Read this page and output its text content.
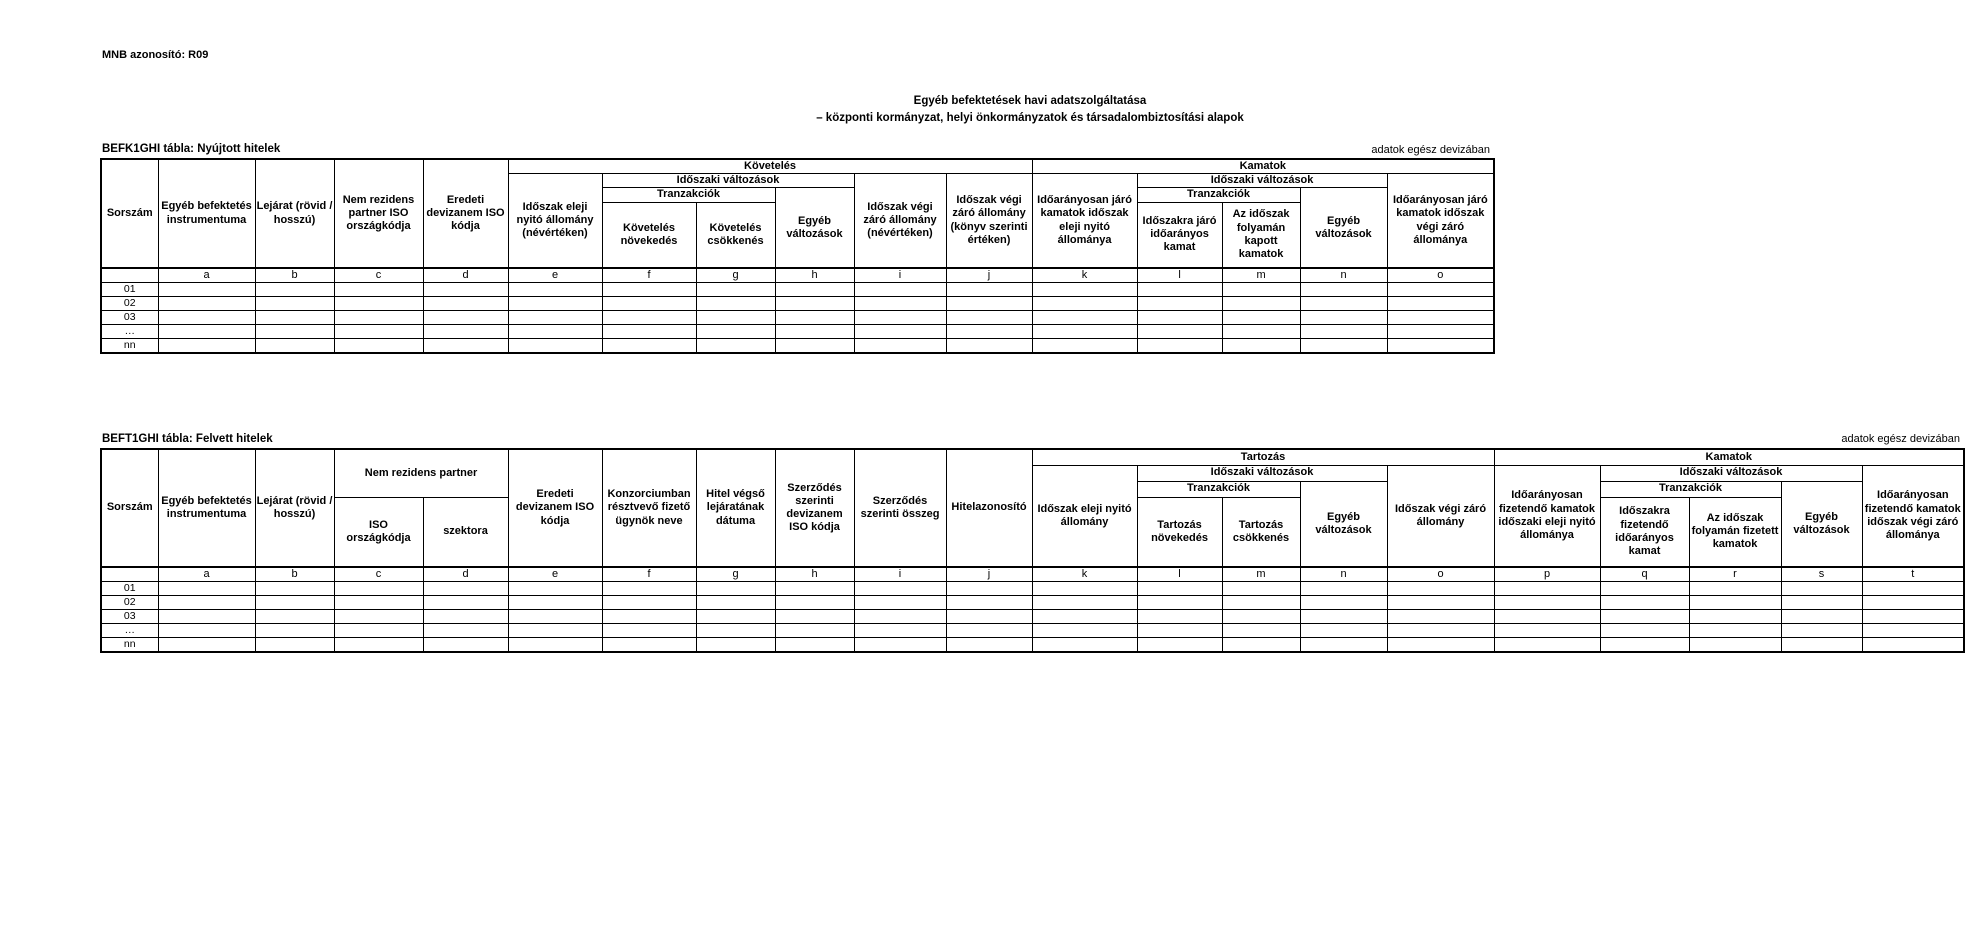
MNB azonosító: R09
Egyéb befektetések havi adatszolgáltatása
– központi kormányzat, helyi önkormányzatok és társadalombiztosítási alapok
BEFK1GHI tábla: Nyújtott hitelek	adatok egész devizában
Sorszám	Egyéb befektetés instrumentuma	Lejárat (rövid / hosszú)	Nem rezidens partner ISO országkódja	Eredeti devizanem ISO kódja	Követelés						Kamatok				
					Időszak eleji nyitó állomány (névértéken)	Időszaki változások			Időszak végi záró állomány (névértéken)	Időszak végi záró állomány (könyv szerinti értéken)	Időarányosan járó kamatok időszak eleji nyitó állománya	Időszaki változások			Időarányosan járó kamatok időszak végi záró állománya
						Tranzakciók		Egyéb változások				Tranzakciók		Egyéb változások	
						Követelés növekedés	Követelés csökkenés					Időszakra járó időarányos kamat	Az időszak folyamán kapott kamatok		
	a	b	c	d	e	f	g	h	i	j	k	l	m	n	o
01															
02															
03															
…															
nn															
BEFT1GHI tábla: Felvett hitelek	adatok egész devizában
Sorszám	Egyéb befektetés instrumentuma	Lejárat (rövid / hosszú)	Nem rezidens partner		Eredeti devizanem ISO kódja	Konzorciumban résztvevő fizető ügynök neve	Hitel végső lejáratának dátuma	Szerződés szerinti devizanem ISO kódja	Szerződés szerinti összeg	Hitelazonosító	Tartozás					Kamatok				
											Időszak eleji nyitó állomány	Időszaki változások			Időszak végi záró állomány	Időarányosan fizetendő kamatok időszaki eleji nyitó állománya	Időszaki változások			Időarányosan fizetendő kamatok időszak végi záró állománya
												Tranzakciók		Egyéb változások			Tranzakciók		Egyéb változások	
			ISO országkódja	szektora								Tartozás növekedés	Tartozás csökkenés				Időszakra fizetendő időarányos kamat	Az időszak folyamán fizetett kamatok		
	a	b	c	d	e	f	g	h	i	j	k	l	m	n	o	p	q	r	s	t
01																				
02																				
03																				
…																				
nn																				
